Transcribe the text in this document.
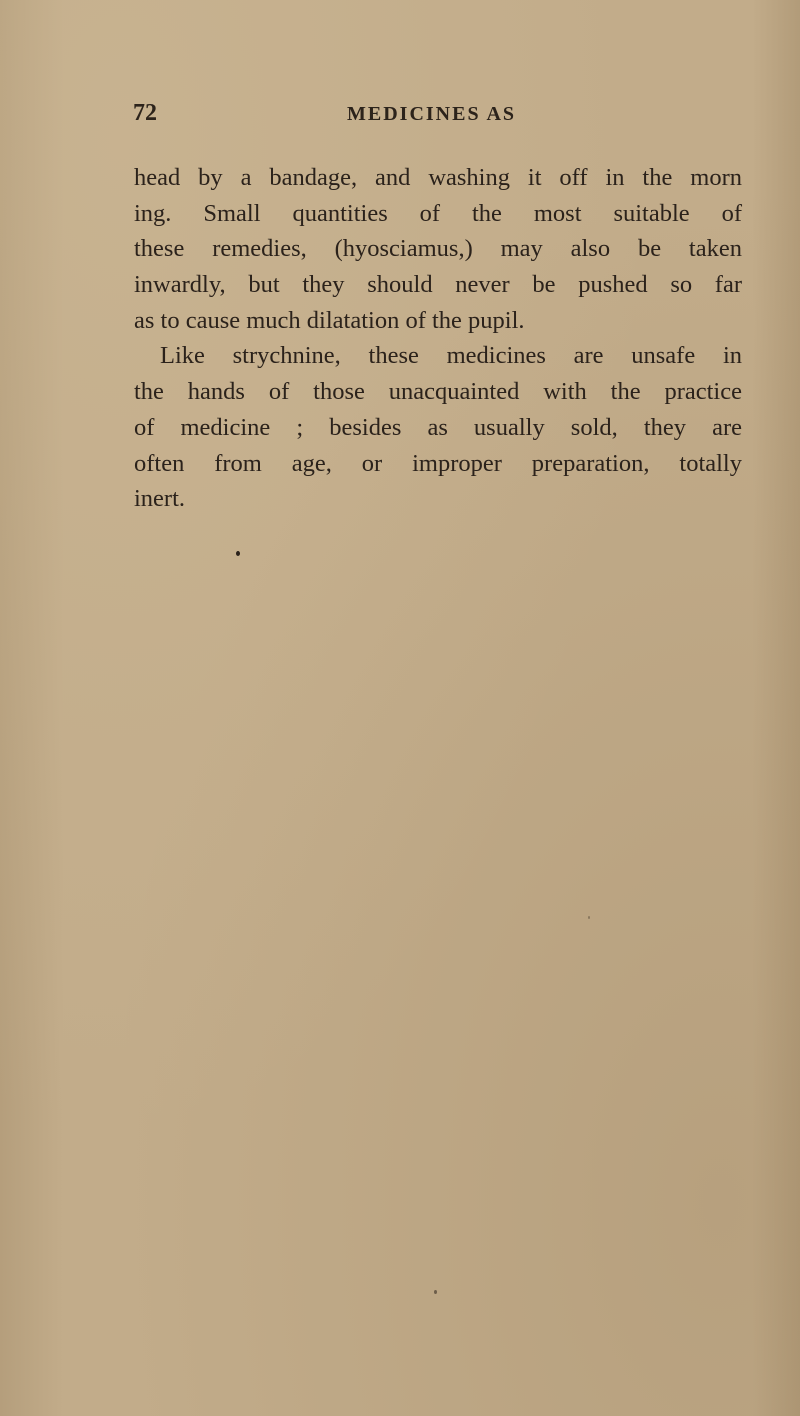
72	MEDICINES AS
head by a bandage, and washing it off in the morn
ing. Small quantities of the most suitable of
these remedies, (hyosciamus,) may also be taken
inwardly, but they should never be pushed so far
as to cause much dilatation of the pupil.
Like strychnine, these medicines are unsafe in
the hands of those unacquainted with the practice
of medicine ; besides as usually sold, they are
often from age, or improper preparation, totally
inert.
